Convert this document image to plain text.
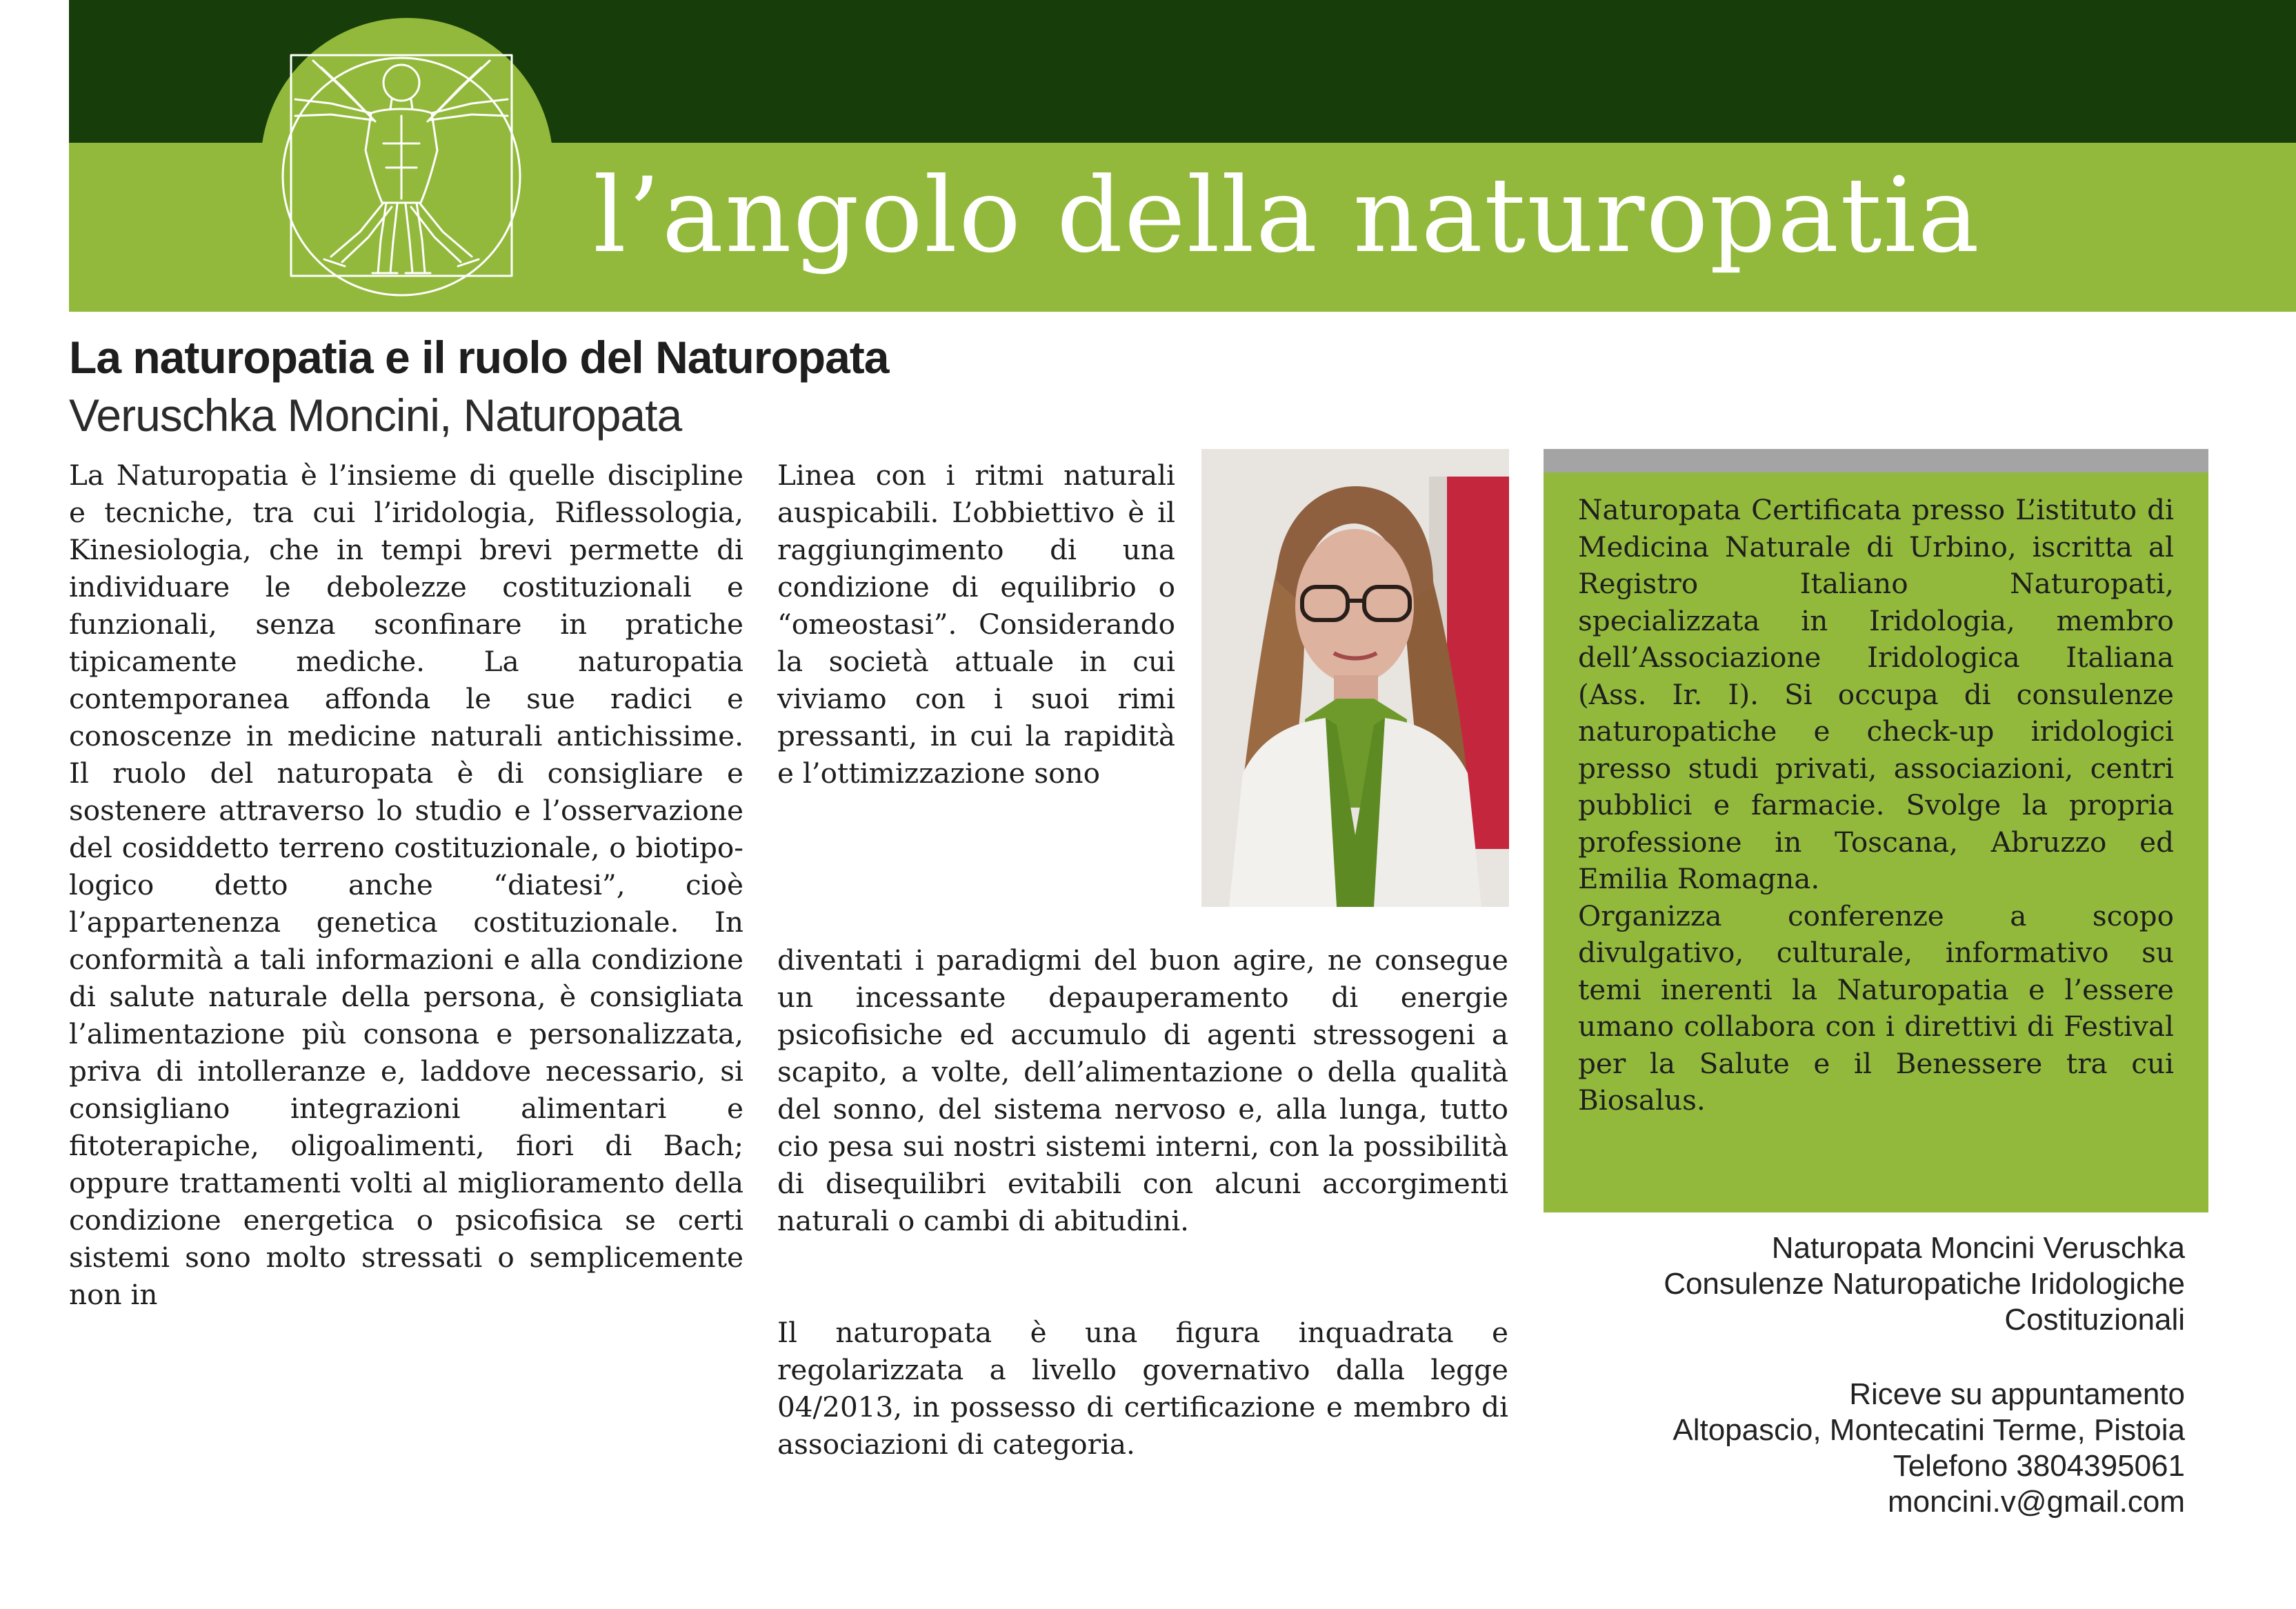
l’angolo della naturopatia
La naturopatia e il ruolo del Naturopata
Veruschka Moncini, Naturopata

La Naturopatia è l’insieme di quelle discipline e tecniche, tra cui l’iridologia, Riflessologia, Kinesiologia, che in tempi brevi permette di individuare le debolezze costituzionali e funzionali, senza sconfinare in pratiche tipicamente mediche. La naturopatia contemporanea affonda le sue radici e conoscenze in medicine naturali antichissime. Il ruolo del naturopata è di consigliare e sostenere attraverso lo studio e l’osservazione del cosiddetto terreno costituzionale, o biotipo-logico detto anche “diatesi”, cioè l’appartenenza genetica costituzionale. In conformità a tali informazioni e alla condizione di salute naturale della persona, è consigliata l’alimentazione più consona e personalizzata, priva di intolleranze e, laddove necessario, si consigliano integrazioni alimentari e fitoterapiche, oligoalimenti, fiori di Bach; oppure trattamenti volti al miglioramento della condizione energetica o psicofisica se certi sistemi sono molto stressati o semplicemente non in

Linea con i ritmi naturali auspicabili. L’obbiettivo è il raggiungimento di una condizione di equilibrio o “omeostasi”. Considerando la società attuale in cui viviamo con i suoi rimi pressanti, in cui la rapidità e l’ottimizzazione sono

diventati i paradigmi del buon agire, ne consegue un incessante depauperamento di energie psicofisiche ed accumulo di agenti stressogeni a scapito, a volte, dell’alimentazione o della qualità del sonno, del sistema nervoso e, alla lunga, tutto cio pesa sui nostri sistemi interni, con la possibilità di disequilibri evitabili con alcuni accorgimenti naturali o cambi di abitudini.

Il naturopata è una figura inquadrata e regolarizzata a livello governativo dalla legge 04/2013, in possesso di certificazione e membro di associazioni di categoria.

Naturopata Certificata presso L’istituto di Medicina Naturale di Urbino, iscritta al Registro Italiano Naturopati, specializzata in Iridologia, membro dell’Associazione Iridologica Italiana (Ass. Ir. I). Si occupa di consulenze naturopatiche e check-up iridologici presso studi privati, associazioni, centri pubblici e farmacie. Svolge la propria professione in Toscana, Abruzzo ed Emilia Romagna.

Organizza conferenze a scopo divulgativo, culturale, informativo su temi inerenti la Naturopatia e l’essere umano collabora con i direttivi di Festival per la Salute e il Benessere tra cui Biosalus.

Naturopata Moncini Veruschka
Consulenze Naturopatiche Iridologiche
Costituzionali
Riceve su appuntamento
Altopascio, Montecatini Terme, Pistoia
Telefono 3804395061
moncini.v@gmail.com
